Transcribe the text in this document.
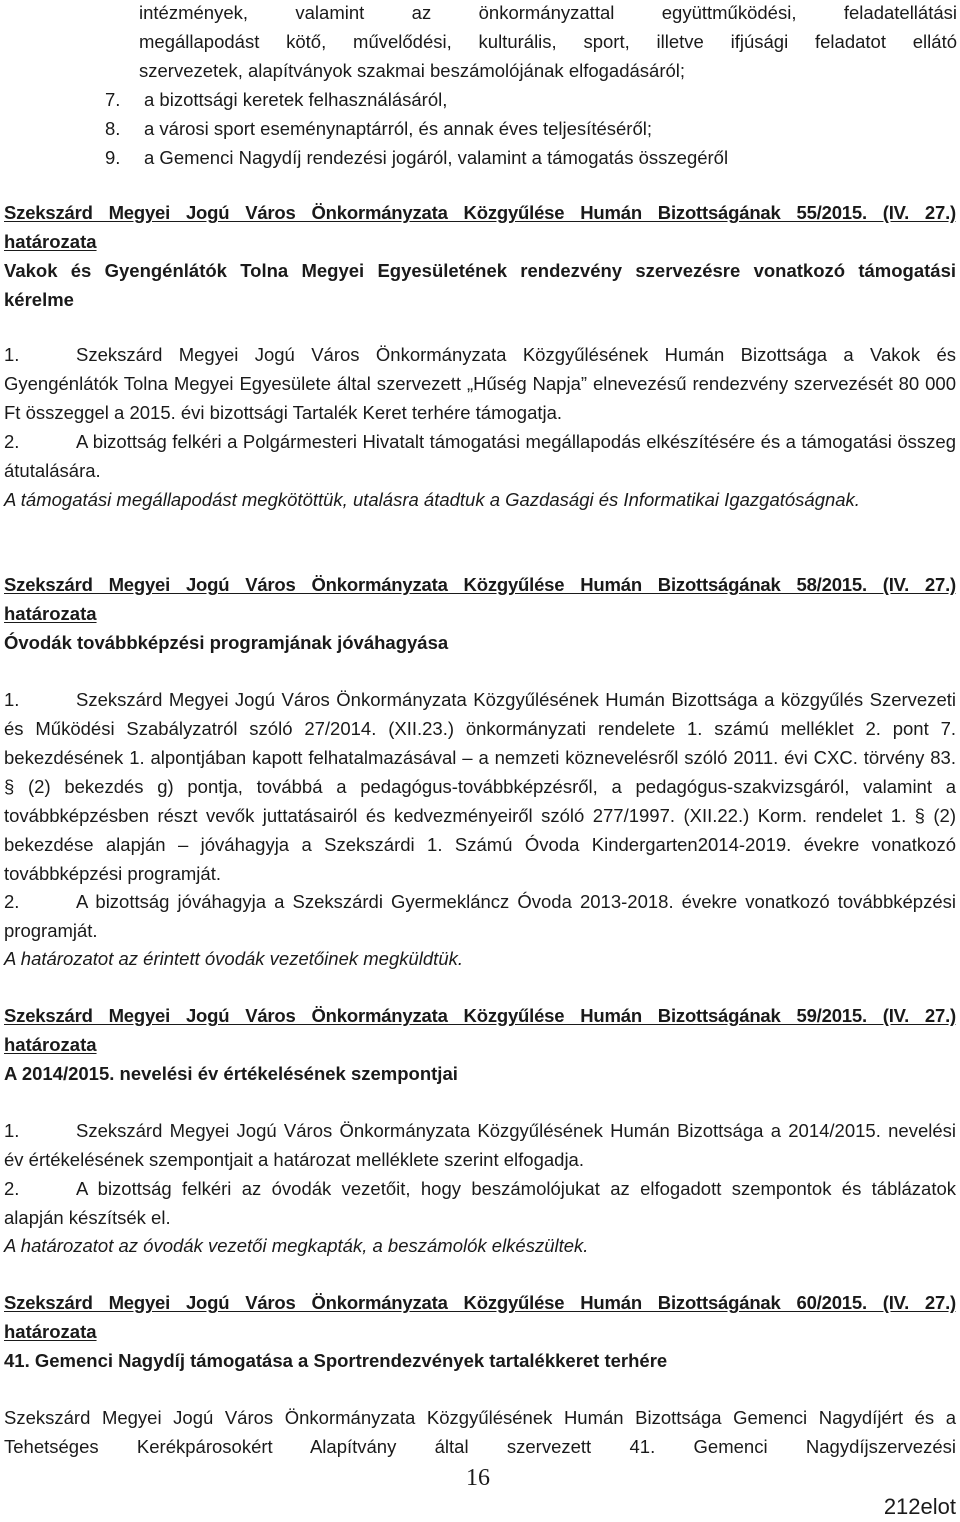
intézmények, valamint az önkormányzattal együttműködési, feladatellátási
megállapodást kötő, művelődési, kulturális, sport, illetve ifjúsági feladatot ellátó
szervezetek, alapítványok szakmai beszámolójának elfogadásáról;
7. a bizottsági keretek felhasználásáról,
8. a városi sport eseménynaptárról, és annak éves teljesítéséről;
9. a Gemenci Nagydíj rendezési jogáról, valamint a támogatás összegéről
Szekszárd Megyei Jogú Város Önkormányzata Közgyűlése Humán Bizottságának 55/2015. (IV. 27.)
határozata
Vakok és Gyengénlátók Tolna Megyei Egyesületének rendezvény szervezésre vonatkozó támogatási kérelme
1.	Szekszárd Megyei Jogú Város Önkormányzata Közgyűlésének Humán Bizottsága a Vakok és Gyengénlátók Tolna Megyei Egyesülete által szervezett „Hűség Napja” elnevezésű rendezvény szervezését 80 000 Ft összeggel a 2015. évi bizottsági Tartalék Keret terhére támogatja.
2.	A bizottság felkéri a Polgármesteri Hivatalt támogatási megállapodás elkészítésére és a támogatási összeg átutalására.
A támogatási megállapodást megkötöttük, utalásra átadtuk a Gazdasági és Informatikai Igazgatóságnak.
Szekszárd Megyei Jogú Város Önkormányzata Közgyűlése Humán Bizottságának 58/2015. (IV. 27.)
határozata
Óvodák továbbképzési programjának jóváhagyása
1.	Szekszárd Megyei Jogú Város Önkormányzata Közgyűlésének Humán Bizottsága a közgyűlés Szervezeti és Működési Szabályzatról szóló 27/2014. (XII.23.) önkormányzati rendelete 1. számú melléklet 2. pont 7. bekezdésének 1. alpontjában kapott felhatalmazásával – a nemzeti köznevelésről szóló 2011. évi CXC. törvény 83. § (2) bekezdés g) pontja, továbbá a pedagógus-továbbképzésről, a pedagógus-szakvizsgáról, valamint a továbbképzésben részt vevők juttatásairól és kedvezményeiről szóló 277/1997. (XII.22.) Korm. rendelet 1. § (2) bekezdése alapján – jóváhagyja a Szekszárdi 1. Számú Óvoda Kindergarten2014-2019. évekre vonatkozó továbbképzési programját.
2.	A bizottság jóváhagyja a Szekszárdi Gyermekláncz Óvoda 2013-2018. évekre vonatkozó továbbképzési programját.
A határozatot az érintett óvodák vezetőinek megküldtük.
Szekszárd Megyei Jogú Város Önkormányzata Közgyűlése Humán Bizottságának 59/2015. (IV. 27.)
határozata
A 2014/2015. nevelési év értékelésének szempontjai
1.	Szekszárd Megyei Jogú Város Önkormányzata Közgyűlésének Humán Bizottsága a 2014/2015. nevelési év értékelésének szempontjait a határozat melléklete szerint elfogadja.
2.	A bizottság felkéri az óvodák vezetőit, hogy beszámolójukat az elfogadott szempontok és táblázatok alapján készítsék el.
A határozatot az óvodák vezetői megkapták, a beszámolók elkészültek.
Szekszárd Megyei Jogú Város Önkormányzata Közgyűlése Humán Bizottságának 60/2015. (IV. 27.)
határozata
41. Gemenci Nagydíj támogatása a Sportrendezvények tartalékkeret terhére
Szekszárd Megyei Jogú Város Önkormányzata Közgyűlésének Humán Bizottsága Gemenci Nagydíjért és a Tehetséges Kerékpárosokért Alapítvány által szervezett 41. Gemenci Nagydíjszervezési
16
212elot
